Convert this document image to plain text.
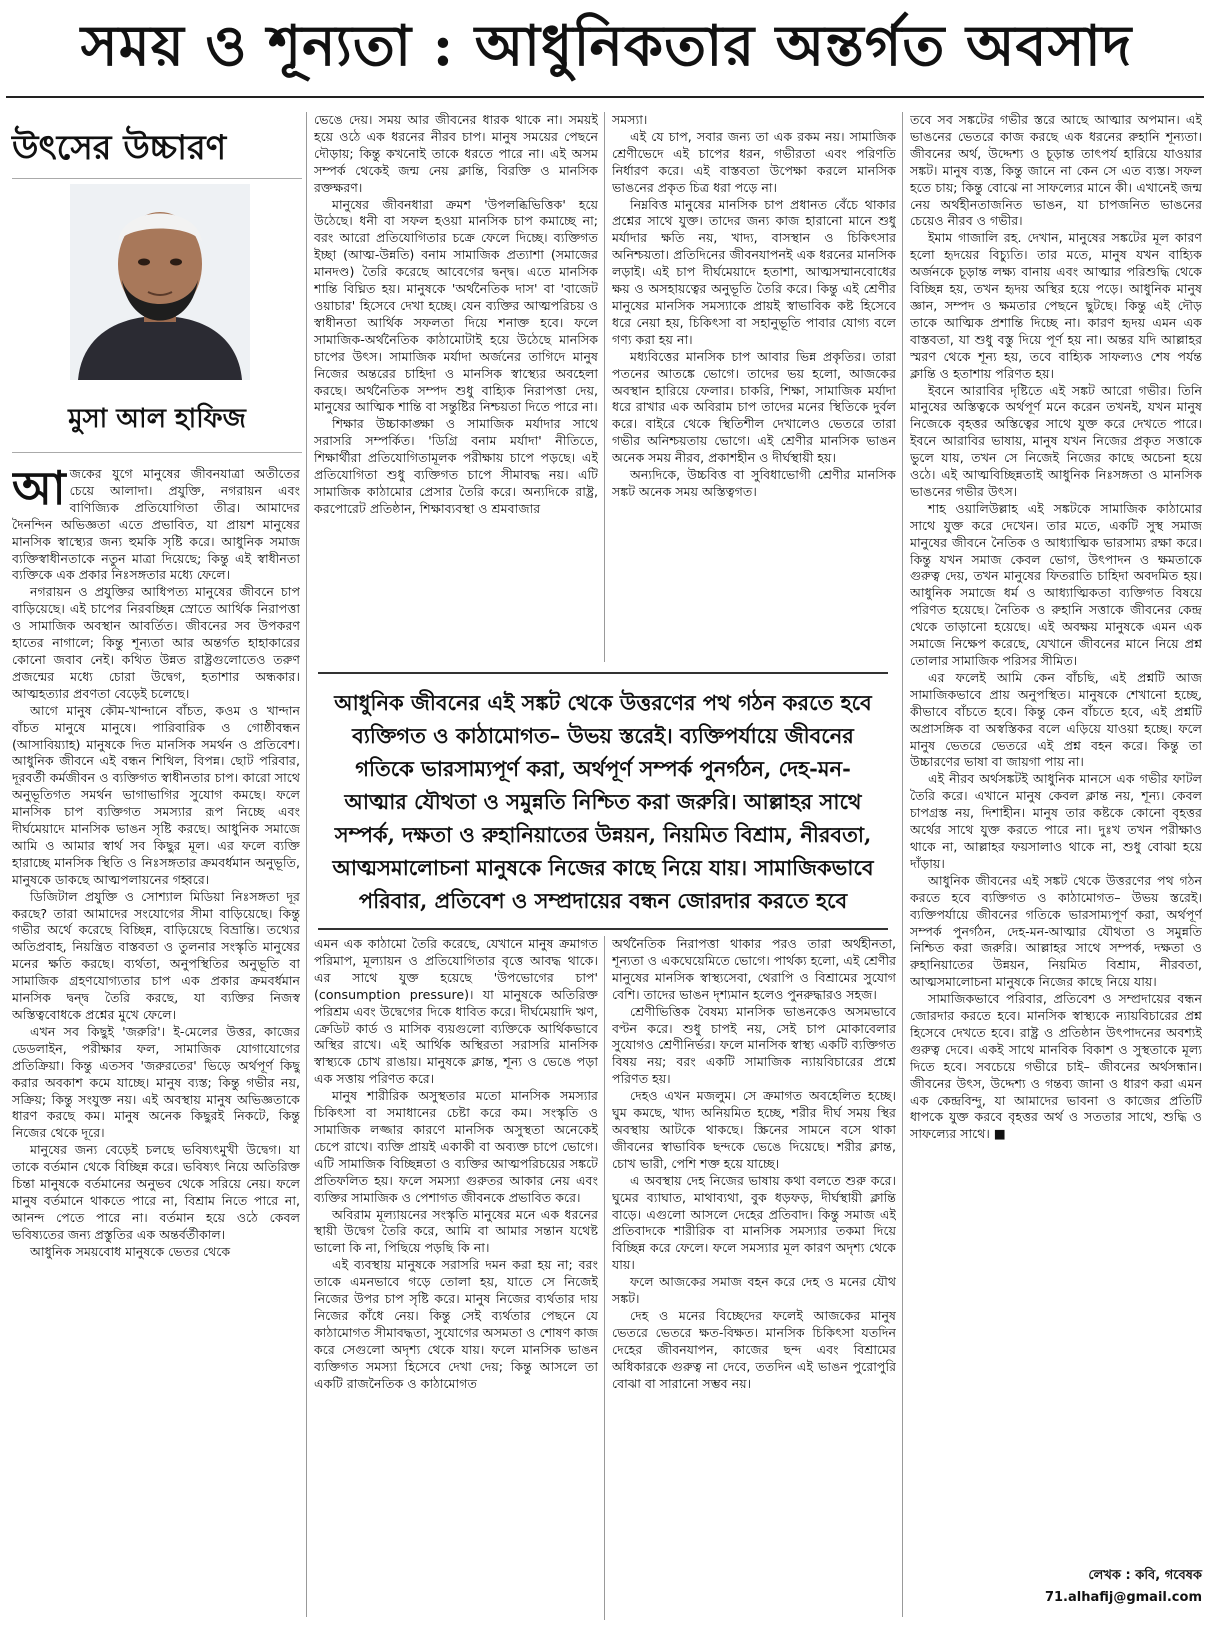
সময় ও শূন্যতা : আধুনিকতার অন্তর্গত অবসাদ
উৎসের উচ্চারণ
মুসা আল হাফিজ

আজকের যুগে মানুষের জীবনযাত্রা অতীতের চেয়ে আলাদা। প্রযুক্তি, নগরায়ন এবং বাণিজ্যিক প্রতিযোগিতা তীব্র। আমাদের দৈনন্দিন অভিজ্ঞতা এতে প্রভাবিত, যা প্রায়শ মানুষের মানসিক স্বাস্থ্যের জন্য হুমকি সৃষ্টি করে। আধুনিক সমাজ ব্যক্তিস্বাধীনতাকে নতুন মাত্রা দিয়েছে; কিন্তু এই স্বাধীনতা ব্যক্তিকে এক প্রকার নিঃসঙ্গতার মধ্যে ফেলে।

নগরায়ন ও প্রযুক্তির আধিপত্য মানুষের জীবনে চাপ বাড়িয়েছে। এই চাপের নিরবচ্ছিন্ন স্রোতে আর্থিক নিরাপত্তা ও সামাজিক অবস্থান আবর্তিত। জীবনের সব উপকরণ হাতের নাগালে; কিন্তু শূন্যতা আর অন্তর্গত হাহাকারের কোনো জবাব নেই। কথিত উন্নত রাষ্ট্রগুলোতেও তরুণ প্রজন্মের মধ্যে চোরা উদ্বেগ, হতাশার অন্ধকার। আত্মহত্যার প্রবণতা বেড়েই চলেছে।

আগে মানুষ কৌম-খান্দানে বাঁচত, কওম ও খান্দান বাঁচত মানুষে মানুষে। পারিবারিক ও গোষ্ঠীবন্ধন (আসাবিয়্যাহ) মানুষকে দিত মানসিক সমর্থন ও প্রতিবেশ। আধুনিক জীবনে এই বন্ধন শিথিল, বিপন্ন। ছোট পরিবার, দূরবর্তী কর্মজীবন ও ব্যক্তিগত স্বাধীনতার চাপ। কারো সাথে অনুভূতিগত সমর্থন ভাগাভাগির সুযোগ কমছে। ফলে মানসিক চাপ ব্যক্তিগত সমস্যার রূপ নিচ্ছে এবং দীর্ঘমেয়াদে মানসিক ভাঙন সৃষ্টি করছে। আধুনিক সমাজে আমি ও আমার স্বার্থ সব কিছুর মূল। এর ফলে ব্যক্তি হারাচ্ছে মানসিক স্থিতি ও নিঃসঙ্গতার ক্রমবর্ধমান অনুভূতি, মানুষকে ডাকছে আত্মপলায়নের গহ্বরে।

ডিজিটাল প্রযুক্তি ও সোশ্যাল মিডিয়া নিঃসঙ্গতা দূর করছে? তারা আমাদের সংযোগের সীমা বাড়িয়েছে। কিন্তু গভীর অর্থে করেছে বিচ্ছিন্ন, বাড়িয়েছে বিভ্রান্তি। তথ্যের অতিপ্রবাহ, নিয়ন্ত্রিত বাস্তবতা ও তুলনার সংস্কৃতি মানুষের মনের ক্ষতি করছে। ব্যর্থতা, অনুপস্থিতির অনুভূতি বা সামাজিক গ্রহণযোগ্যতার চাপ এক প্রকার ক্রমবর্ধমান মানসিক দ্বন্দ্ব তৈরি করছে, যা ব্যক্তির নিজস্ব অস্তিত্ববোধকে প্রশ্নের মুখে ফেলে।

এখন সব কিছুই 'জরুরি'। ই-মেলের উত্তর, কাজের ডেডলাইন, পরীক্ষার ফল, সামাজিক যোগাযোগের প্রতিক্রিয়া। কিন্তু এতসব 'জরুরতের' ভিড়ে অর্থপূর্ণ কিছু করার অবকাশ কমে যাচ্ছে। মানুষ ব্যস্ত; কিন্তু গভীর নয়, সক্রিয়; কিন্তু সংযুক্ত নয়। এই অবস্থায় মানুষ অভিজ্ঞতাকে ধারণ করছে কম। মানুষ অনেক কিছুরই নিকটে, কিন্তু নিজের থেকে দূরে।

মানুষের জন্য বেড়েই চলছে ভবিষ্যৎমুখী উদ্বেগ। যা তাকে বর্তমান থেকে বিচ্ছিন্ন করে। ভবিষ্যৎ নিয়ে অতিরিক্ত চিন্তা মানুষকে বর্তমানের অনুভব থেকে সরিয়ে নেয়। ফলে মানুষ বর্তমানে থাকতে পারে না, বিশ্রাম নিতে পারে না, আনন্দ পেতে পারে না। বর্তমান হয়ে ওঠে কেবল ভবিষ্যতের জন্য প্রস্তুতির এক অন্তর্বর্তীকাল।

আধুনিক সময়বোধ মানুষকে ভেতর থেকে

ভেঙে দেয়। সময় আর জীবনের ধারক থাকে না। সময়ই হয়ে ওঠে এক ধরনের নীরব চাপ। মানুষ সময়ের পেছনে দৌড়ায়; কিন্তু কখনোই তাকে ধরতে পারে না। এই অসম সম্পর্ক থেকেই জন্ম নেয় ক্লান্তি, বিরক্তি ও মানসিক রক্তক্ষরণ।

মানুষের জীবনধারা ক্রমশ 'উপলব্ধিভিত্তিক' হয়ে উঠেছে। ধনী বা সফল হওয়া মানসিক চাপ কমাচ্ছে না; বরং আরো প্রতিযোগিতার চক্রে ফেলে দিচ্ছে। ব্যক্তিগত ইচ্ছা (আত্ম-উন্নতি) বনাম সামাজিক প্রত্যাশা (সমাজের মানদণ্ড) তৈরি করেছে আবেগের দ্বন্দ্ব। এতে মানসিক শান্তি বিঘ্নিত হয়। মানুষকে 'অর্থনৈতিক দাস' বা 'বাজেট ওয়াচার' হিসেবে দেখা হচ্ছে। যেন ব্যক্তির আত্মপরিচয় ও স্বাধীনতা আর্থিক সফলতা দিয়ে শনাক্ত হবে। ফলে সামাজিক-অর্থনৈতিক কাঠামোটাই হয়ে উঠেছে মানসিক চাপের উৎস। সামাজিক মর্যাদা অর্জনের তাগিদে মানুষ নিজের অন্তরের চাহিদা ও মানসিক স্বাস্থ্যের অবহেলা করছে। অর্থনৈতিক সম্পদ শুধু বাহ্যিক নিরাপত্তা দেয়, মানুষের আত্মিক শান্তি বা সন্তুষ্টির নিশ্চয়তা দিতে পারে না।

শিক্ষার উচ্চাকাঙ্ক্ষা ও সামাজিক মর্যাদার সাথে সরাসরি সম্পর্কিত। 'ডিগ্রি বনাম মর্যাদা' নীতিতে, শিক্ষার্থীরা প্রতিযোগিতামূলক পরীক্ষায় চাপে পড়ছে। এই প্রতিযোগিতা শুধু ব্যক্তিগত চাপে সীমাবদ্ধ নয়। এটি সামাজিক কাঠামোর প্রেসার তৈরি করে। অন্যদিকে রাষ্ট্র, করপোরেট প্রতিষ্ঠান, শিক্ষাব্যবস্থা ও শ্রমবাজার

সমস্যা।

এই যে চাপ, সবার জন্য তা এক রকম নয়। সামাজিক শ্রেণীভেদে এই চাপের ধরন, গভীরতা এবং পরিণতি নির্ধারণ করে। এই বাস্তবতা উপেক্ষা করলে মানসিক ভাঙনের প্রকৃত চিত্র ধরা পড়ে না।

নিম্নবিত্ত মানুষের মানসিক চাপ প্রধানত বেঁচে থাকার প্রশ্নের সাথে যুক্ত। তাদের জন্য কাজ হারানো মানে শুধু মর্যাদার ক্ষতি নয়, খাদ্য, বাসস্থান ও চিকিৎসার অনিশ্চয়তা। প্রতিদিনের জীবনযাপনই এক ধরনের মানসিক লড়াই। এই চাপ দীর্ঘমেয়াদে হতাশা, আত্মসম্মানবোধের ক্ষয় ও অসহায়ত্বের অনুভূতি তৈরি করে। কিন্তু এই শ্রেণীর মানুষের মানসিক সমস্যাকে প্রায়ই স্বাভাবিক কষ্ট হিসেবে ধরে নেয়া হয়, চিকিৎসা বা সহানুভূতি পাবার যোগ্য বলে গণ্য করা হয় না।

মধ্যবিত্তের মানসিক চাপ আবার ভিন্ন প্রকৃতির। তারা পতনের আতঙ্কে ভোগে। তাদের ভয় হলো, আজকের অবস্থান হারিয়ে ফেলার। চাকরি, শিক্ষা, সামাজিক মর্যাদা ধরে রাখার এক অবিরাম চাপ তাদের মনের স্থিতিকে দুর্বল করে। বাইরে থেকে স্থিতিশীল দেখালেও ভেতরে তারা গভীর অনিশ্চয়তায় ভোগে। এই শ্রেণীর মানসিক ভাঙন অনেক সময় নীরব, প্রকাশহীন ও দীর্ঘস্থায়ী হয়।

অন্যদিকে, উচ্চবিত্ত বা সুবিধাভোগী শ্রেণীর মানসিক সঙ্কট অনেক সময় অস্তিত্বগত।

আধুনিক জীবনের এই সঙ্কট থেকে উত্তরণের পথ গঠন করতে হবে ব্যক্তিগত ও কাঠামোগত– উভয় স্তরেই। ব্যক্তিপর্যায়ে জীবনের গতিকে ভারসাম্যপূর্ণ করা, অর্থপূর্ণ সম্পর্ক পুনর্গঠন, দেহ-মন-আত্মার যৌথতা ও সমুন্নতি নিশ্চিত করা জরুরি। আল্লাহর সাথে সম্পর্ক, দক্ষতা ও রুহানিয়াতের উন্নয়ন, নিয়মিত বিশ্রাম, নীরবতা, আত্মসমালোচনা মানুষকে নিজের কাছে নিয়ে যায়। সামাজিকভাবে পরিবার, প্রতিবেশ ও সম্প্রদায়ের বন্ধন জোরদার করতে হবে

এমন এক কাঠামো তৈরি করেছে, যেখানে মানুষ ক্রমাগত পরিমাপ, মূল্যায়ন ও প্রতিযোগিতার বৃত্তে আবদ্ধ থাকে। এর সাথে যুক্ত হয়েছে 'উপভোগের চাপ' (consumption pressure)। যা মানুষকে অতিরিক্ত পরিশ্রম এবং উদ্বেগের দিকে ধাবিত করে। দীর্ঘমেয়াদি ঋণ, ক্রেডিট কার্ড ও মাসিক ব্যয়গুলো ব্যক্তিকে আর্থিকভাবে অস্থির রাখে। এই আর্থিক অস্থিরতা সরাসরি মানসিক স্বাস্থ্যকে চোখ রাঙায়। মানুষকে ক্লান্ত, শূন্য ও ভেঙে পড়া এক সত্তায় পরিণত করে।

মানুষ শারীরিক অসুস্থতার মতো মানসিক সমস্যার চিকিৎসা বা সমাধানের চেষ্টা করে কম। সংস্কৃতি ও সামাজিক লজ্জার কারণে মানসিক অসুস্থতা অনেকেই চেপে রাখে। ব্যক্তি প্রায়ই একাকী বা অব্যক্ত চাপে ভোগে। এটি সামাজিক বিচ্ছিন্নতা ও ব্যক্তির আত্মপরিচয়ের সঙ্কটে প্রতিফলিত হয়। ফলে সমস্যা গুরুতর আকার নেয় এবং ব্যক্তির সামাজিক ও পেশাগত জীবনকে প্রভাবিত করে।

অবিরাম মূল্যায়নের সংস্কৃতি মানুষের মনে এক ধরনের স্থায়ী উদ্বেগ তৈরি করে, আমি বা আমার সন্তান যথেষ্ট ভালো কি না, পিছিয়ে পড়ছি কি না।

এই ব্যবস্থায় মানুষকে সরাসরি দমন করা হয় না; বরং তাকে এমনভাবে গড়ে তোলা হয়, যাতে সে নিজেই নিজের উপর চাপ সৃষ্টি করে। মানুষ নিজের ব্যর্থতার দায় নিজের কাঁধে নেয়। কিন্তু সেই ব্যর্থতার পেছনে যে কাঠামোগত সীমাবদ্ধতা, সুযোগের অসমতা ও শোষণ কাজ করে সেগুলো অদৃশ্য থেকে যায়। ফলে মানসিক ভাঙন ব্যক্তিগত সমস্যা হিসেবে দেখা দেয়; কিন্তু আসলে তা একটি রাজনৈতিক ও কাঠামোগত

অর্থনৈতিক নিরাপত্তা থাকার পরও তারা অর্থহীনতা, শূন্যতা ও একঘেয়েমিতে ভোগে। পার্থক্য হলো, এই শ্রেণীর মানুষের মানসিক স্বাস্থ্যসেবা, থেরাপি ও বিশ্রামের সুযোগ বেশি। তাদের ভাঙন দৃশ্যমান হলেও পুনরুদ্ধারও সহজ।

শ্রেণীভিত্তিক বৈষম্য মানসিক ভাঙনকেও অসমভাবে বণ্টন করে। শুধু চাপই নয়, সেই চাপ মোকাবেলার সুযোগও শ্রেণীনির্ভর। ফলে মানসিক স্বাস্থ্য একটি ব্যক্তিগত বিষয় নয়; বরং একটি সামাজিক ন্যায়বিচারের প্রশ্নে পরিণত হয়।

দেহও এখন মজলুম। সে ক্রমাগত অবহেলিত হচ্ছে। ঘুম কমছে, খাদ্য অনিয়মিত হচ্ছে, শরীর দীর্ঘ সময় স্থির অবস্থায় আটকে থাকছে। স্ক্রিনের সামনে বসে থাকা জীবনের স্বাভাবিক ছন্দকে ভেঙে দিয়েছে। শরীর ক্লান্ত, চোখ ভারী, পেশি শক্ত হয়ে যাচ্ছে।

এ অবস্থায় দেহ নিজের ভাষায় কথা বলতে শুরু করে। ঘুমের ব্যাঘাত, মাথাব্যথা, বুক ধড়ফড়, দীর্ঘস্থায়ী ক্লান্তি বাড়ে। এগুলো আসলে দেহের প্রতিবাদ। কিন্তু সমাজ এই প্রতিবাদকে শারীরিক বা মানসিক সমস্যার তকমা দিয়ে বিচ্ছিন্ন করে ফেলে। ফলে সমস্যার মূল কারণ অদৃশ্য থেকে যায়।

ফলে আজকের সমাজ বহন করে দেহ ও মনের যৌথ সঙ্কট।

দেহ ও মনের বিচ্ছেদের ফলেই আজকের মানুষ ভেতরে ভেতরে ক্ষত-বিক্ষত। মানসিক চিকিৎসা যতদিন দেহের জীবনযাপন, কাজের ছন্দ এবং বিশ্রামের অধিকারকে গুরুত্ব না দেবে, ততদিন এই ভাঙন পুরোপুরি বোঝা বা সারানো সম্ভব নয়।

তবে সব সঙ্কটের গভীর স্তরে আছে আত্মার অপমান। এই ভাঙনের ভেতরে কাজ করছে এক ধরনের রুহানি শূন্যতা। জীবনের অর্থ, উদ্দেশ্য ও চূড়ান্ত তাৎপর্য হারিয়ে যাওয়ার সঙ্কট। মানুষ ব্যস্ত, কিন্তু জানে না কেন সে এত ব্যস্ত। সফল হতে চায়; কিন্তু বোঝে না সাফল্যের মানে কী। এখানেই জন্ম নেয় অর্থহীনতাজনিত ভাঙন, যা চাপজনিত ভাঙনের চেয়েও নীরব ও গভীর।

ইমাম গাজালি রহ. দেখান, মানুষের সঙ্কটের মূল কারণ হলো হৃদয়ের বিচ্যুতি। তার মতে, মানুষ যখন বাহ্যিক অর্জনকে চূড়ান্ত লক্ষ্য বানায় এবং আত্মার পরিশুদ্ধি থেকে বিচ্ছিন্ন হয়, তখন হৃদয় অস্থির হয়ে পড়ে। আধুনিক মানুষ জ্ঞান, সম্পদ ও ক্ষমতার পেছনে ছুটছে। কিন্তু এই দৌড় তাকে আত্মিক প্রশান্তি দিচ্ছে না। কারণ হৃদয় এমন এক বাস্তবতা, যা শুধু বস্তু দিয়ে পূর্ণ হয় না। অন্তর যদি আল্লাহর স্মরণ থেকে শূন্য হয়, তবে বাহ্যিক সাফল্যও শেষ পর্যন্ত ক্লান্তি ও হতাশায় পরিণত হয়।

ইবনে আরাবির দৃষ্টিতে এই সঙ্কট আরো গভীর। তিনি মানুষের অস্তিত্বকে অর্থপূর্ণ মনে করেন তখনই, যখন মানুষ নিজেকে বৃহত্তর অস্তিত্বের সাথে যুক্ত করে দেখতে পারে। ইবনে আরাবির ভাষায়, মানুষ যখন নিজের প্রকৃত সত্তাকে ভুলে যায়, তখন সে নিজেই নিজের কাছে অচেনা হয়ে ওঠে। এই আত্মবিচ্ছিন্নতাই আধুনিক নিঃসঙ্গতা ও মানসিক ভাঙনের গভীর উৎস।

শাহ ওয়ালিউল্লাহ এই সঙ্কটকে সামাজিক কাঠামোর সাথে যুক্ত করে দেখেন। তার মতে, একটি সুস্থ সমাজ মানুষের জীবনে নৈতিক ও আধ্যাত্মিক ভারসাম্য রক্ষা করে। কিন্তু যখন সমাজ কেবল ভোগ, উৎপাদন ও ক্ষমতাকে গুরুত্ব দেয়, তখন মানুষের ফিতরাতি চাহিদা অবদমিত হয়। আধুনিক সমাজে ধর্ম ও আধ্যাত্মিকতা ব্যক্তিগত বিষয়ে পরিণত হয়েছে। নৈতিক ও রুহানি সত্তাকে জীবনের কেন্দ্র থেকে তাড়ানো হয়েছে। এই অবক্ষয় মানুষকে এমন এক সমাজে নিক্ষেপ করেছে, যেখানে জীবনের মানে নিয়ে প্রশ্ন তোলার সামাজিক পরিসর সীমিত।

এর ফলেই আমি কেন বাঁচছি, এই প্রশ্নটি আজ সামাজিকভাবে প্রায় অনুপস্থিত। মানুষকে শেখানো হচ্ছে, কীভাবে বাঁচতে হবে। কিন্তু কেন বাঁচতে হবে, এই প্রশ্নটি অপ্রাসঙ্গিক বা অস্বস্তিকর বলে এড়িয়ে যাওয়া হচ্ছে। ফলে মানুষ ভেতরে ভেতরে এই প্রশ্ন বহন করে। কিন্তু তা উচ্চারণের ভাষা বা জায়গা পায় না।

এই নীরব অর্থসঙ্কটই আধুনিক মানসে এক গভীর ফাটল তৈরি করে। এখানে মানুষ কেবল ক্লান্ত নয়, শূন্য। কেবল চাপগ্রস্ত নয়, দিশাহীন। মানুষ তার কষ্টকে কোনো বৃহত্তর অর্থের সাথে যুক্ত করতে পারে না। দুঃখ তখন পরীক্ষাও থাকে না, আল্লাহর ফয়সালাও থাকে না, শুধু বোঝা হয়ে দাঁড়ায়।

আধুনিক জীবনের এই সঙ্কট থেকে উত্তরণের পথ গঠন করতে হবে ব্যক্তিগত ও কাঠামোগত– উভয় স্তরেই। ব্যক্তিপর্যায়ে জীবনের গতিকে ভারসাম্যপূর্ণ করা, অর্থপূর্ণ সম্পর্ক পুনর্গঠন, দেহ-মন-আত্মার যৌথতা ও সমুন্নতি নিশ্চিত করা জরুরি। আল্লাহর সাথে সম্পর্ক, দক্ষতা ও রুহানিয়াতের উন্নয়ন, নিয়মিত বিশ্রাম, নীরবতা, আত্মসমালোচনা মানুষকে নিজের কাছে নিয়ে যায়।

সামাজিকভাবে পরিবার, প্রতিবেশ ও সম্প্রদায়ের বন্ধন জোরদার করতে হবে। মানসিক স্বাস্থ্যকে ন্যায়বিচারের প্রশ্ন হিসেবে দেখতে হবে। রাষ্ট্র ও প্রতিষ্ঠান উৎপাদনের অবশ্যই গুরুত্ব দেবে। একই সাথে মানবিক বিকাশ ও সুস্থতাকে মূল্য দিতে হবে। সবচেয়ে গভীরে চাই– জীবনের অর্থসন্ধান। জীবনের উৎস, উদ্দেশ্য ও গন্তব্য জানা ও ধারণ করা এমন এক কেন্দ্রবিন্দু, যা আমাদের ভাবনা ও কাজের প্রতিটি ধাপকে যুক্ত করবে বৃহত্তর অর্থ ও সততার সাথে, শুদ্ধি ও সাফল্যের সাথে। ■

লেখক : কবি, গবেষক
71.alhafij@gmail.com
